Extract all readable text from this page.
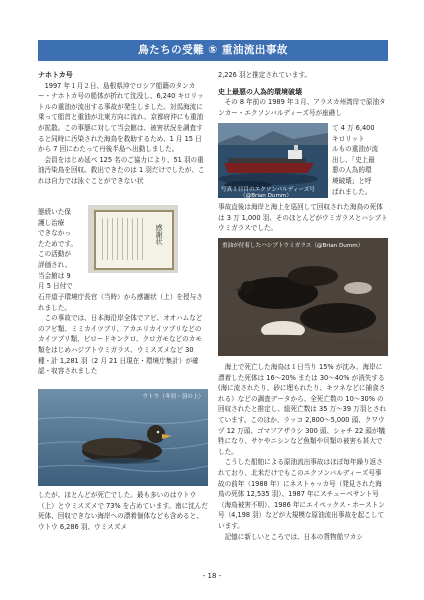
鳥たちの受難 ⑤ 重油流出事故

ナホトカ号

1997 年１月２日、島根県沖でロシア船籍のタンカー・ナホトカ号の船体が折れて沈没し、6,240 キロリットルの重油が流出する事故が発生しました。対馬海流に乗って船首と重油が北東方向に流れ、京都府沖にも重油が拡散。この事態に対して当会館は、被害状況を調査すると同時に汚染された海鳥を救助するため、1 月 15 日から 7 回にわたって丹後半島へ出動しました。

会員をはじめ延べ 125 名のご協力により、51 羽の重油汚染鳥を回収。救出できたのは 1 羽だけでしたが、これは自力では泳ぐことができない状

態続いた保

護し治療

できなかっ

たためです。

この活動が

評価され、

当会館は 9

月 5 日付で

感謝状

石井道子環境庁長官（当時）から感謝状（上）を授与されました。

この事故では、日本海沿岸全体でアビ、オオハムなどのアビ類、ミミカイツブリ、アカエリカイツブリなどのカイツブリ類、ビロードキンクロ、クロガモなどのカモ類をはじめハジブトウミガラス、ウミスズメなど 30 種・計 1,281 羽（2 月 21 日現在・環境庁集計）が確認・収容されました

ウトウ（冬羽・羽の上）

したが、ほとんどが死亡でした。最も多いのはウトウ（上）とウミスズメで 73% を占めています。南に沈んだ死体、回収できない海岸への漂着個体なども含めると、ウトウ 6,286 羽、ウミスズメ

2,226 羽と推定されています。

史上最悪の人為的環境破壊

その 8 年前の 1989 年３月、アラスカ州湾岸で原油タンカー・エクソンバルディーズ号が座礁し

写真１日目のエクソンバルディーズ号
（@Brian Dumm）

て 4 万 6,400

キロリット

ルもの重油が流

出し、「史上最

悪の人為的環

境破壊」と呼

ばれました。

事故直後は海岸と海上を巡回して回収された海鳥の死体は 3 万 1,000 羽、そのほとんどがウミガラスとハシブトウミガラスでした。

重油が付着したハシブトウミガラス（@Brian Dumm）

海上で死亡した海鳥は１日当り 15% が沈み、海岸に漂着した死体は 16〜20% または 30〜40% が消失する(海に流されたり、砂に埋もれたり、キツネなどに捕食される）などの調査データから、全死亡数の 10〜30% の回収されたと推定し、総死亡数は 35 万〜39 万羽とされています。このほか、ラッコ 2,800〜5,000 頭、クワウヅ 12 万頭、ゴマフアザラシ 300 頭、シャチ 22 頭が犠牲になり、サケやニシンなど魚類や貝類の被害も甚大でした。

こうした船舶による原油流出事故はほぼ毎年繰り返されており、北米だけでもこのエクソンバルディーズ号事故の前年（1988 年）にネストゥッカ号（発見された海鳥の死体 12,535 羽）、1987 年にスチューベサント号（海鳥被害不明）、1986 年にエイペックス・ホーストン号（4,198 羽）などが大規模な原油流出事故を起こしています。

記憶に新しいところでは、日本の貨物船ワカシ

- 18 -
